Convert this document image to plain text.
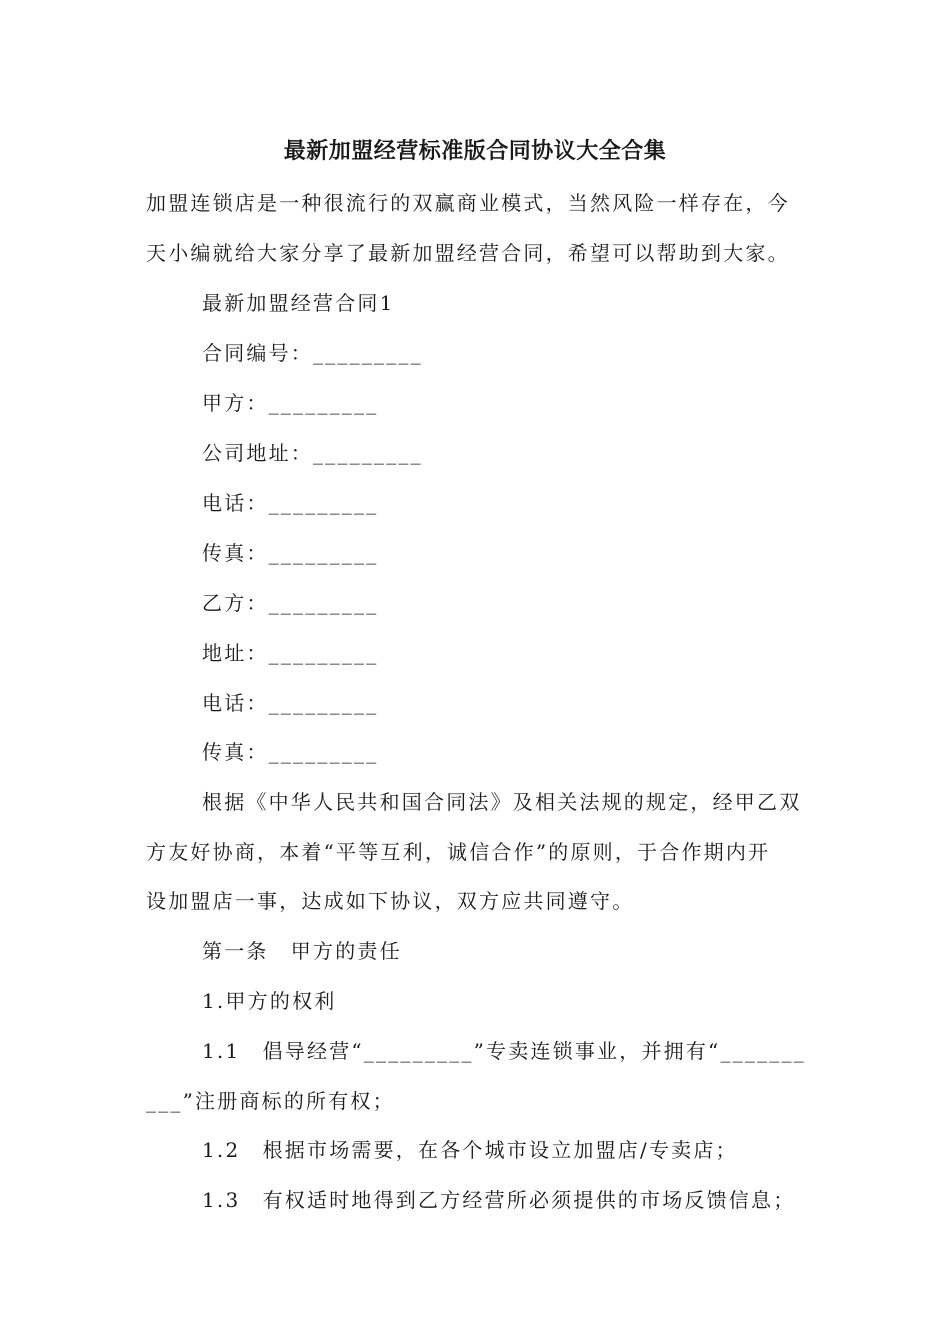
最新加盟经营标准版合同协议大全合集
加盟连锁店是一种很流行的双赢商业模式，当然风险一样存在，今
天小编就给大家分享了最新加盟经营合同，希望可以帮助到大家。
最新加盟经营合同1
合同编号：_________
甲方：_________
公司地址：_________
电话：_________
传真：_________
乙方：_________
地址：_________
电话：_________
传真：_________
根据《中华人民共和国合同法》及相关法规的规定，经甲乙双
方友好协商，本着“平等互利，诚信合作”的原则，于合作期内开
设加盟店一事，达成如下协议，双方应共同遵守。
第一条　甲方的责任
1.甲方的权利
1.1　倡导经营“_________”专卖连锁事业，并拥有“_______
___”注册商标的所有权；
1.2　根据市场需要，在各个城市设立加盟店/专卖店；
1.3　有权适时地得到乙方经营所必须提供的市场反馈信息；
